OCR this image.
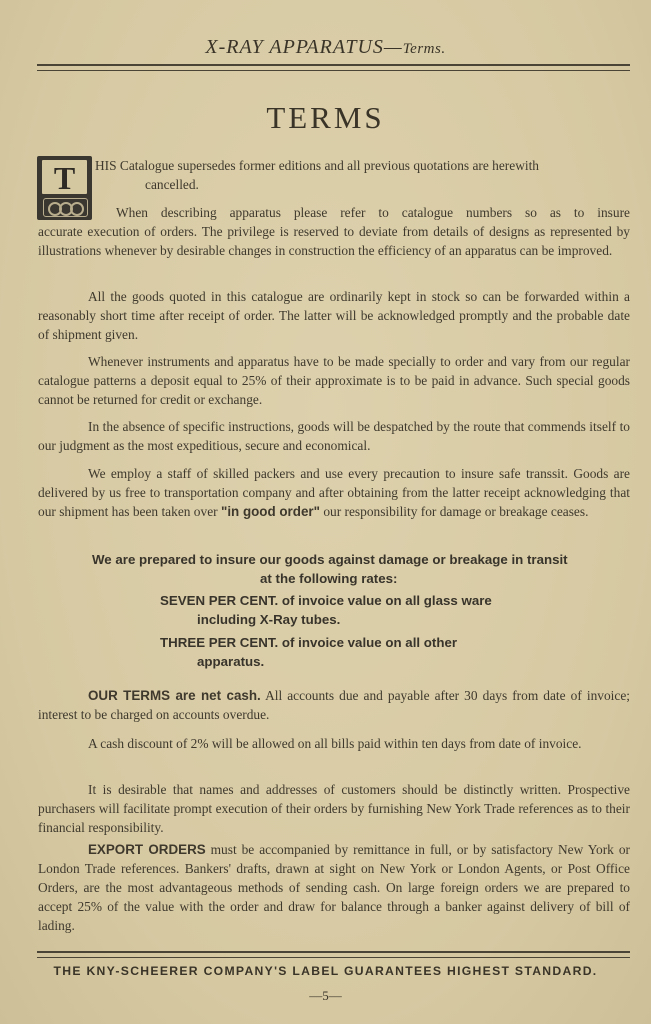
X-RAY APPARATUS—Terms.
TERMS
T	HIS Catalogue supersedes former editions and all previous quotations are herewith
cancelled.
When describing apparatus please refer to catalogue numbers so as to insure
accurate execution of orders. The privilege is reserved to deviate from details of designs as represented by illustrations whenever by desirable changes in construction the efficiency of an apparatus can be improved.
All the goods quoted in this catalogue are ordinarily kept in stock so can be forwarded within a reasonably short time after receipt of order. The latter will be acknowledged promptly and the probable date of shipment given.
Whenever instruments and apparatus have to be made specially to order and vary from our regular catalogue patterns a deposit equal to 25% of their approximate is to be paid in advance. Such special goods cannot be returned for credit or exchange.
In the absence of specific instructions, goods will be despatched by the route that commends itself to our judgment as the most expeditious, secure and economical.
We employ a staff of skilled packers and use every precaution to insure safe transsit. Goods are delivered by us free to transportation company and after obtaining from the latter receipt acknowledging that our shipment has been taken over "in good order" our responsibility for damage or breakage ceases.
We are prepared to insure our goods against damage or breakage in transit
at the following rates:
SEVEN PER CENT. of invoice value on all glass ware
including X-Ray tubes.
THREE PER CENT. of invoice value on all other
apparatus.
OUR TERMS are net cash. All accounts due and payable after 30 days from date of invoice; interest to be charged on accounts overdue.
A cash discount of 2% will be allowed on all bills paid within ten days from date of invoice.
It is desirable that names and addresses of customers should be distinctly written. Prospective purchasers will facilitate prompt execution of their orders by furnishing New York Trade references as to their financial responsibility.
EXPORT ORDERS must be accompanied by remittance in full, or by satisfactory New York or London Trade references. Bankers' drafts, drawn at sight on New York or London Agents, or Post Office Orders, are the most advantageous methods of sending cash. On large foreign orders we are prepared to accept 25% of the value with the order and draw for balance through a banker against delivery of bill of lading.
THE KNY-SCHEERER COMPANY'S LABEL GUARANTEES HIGHEST STANDARD.
—5—
